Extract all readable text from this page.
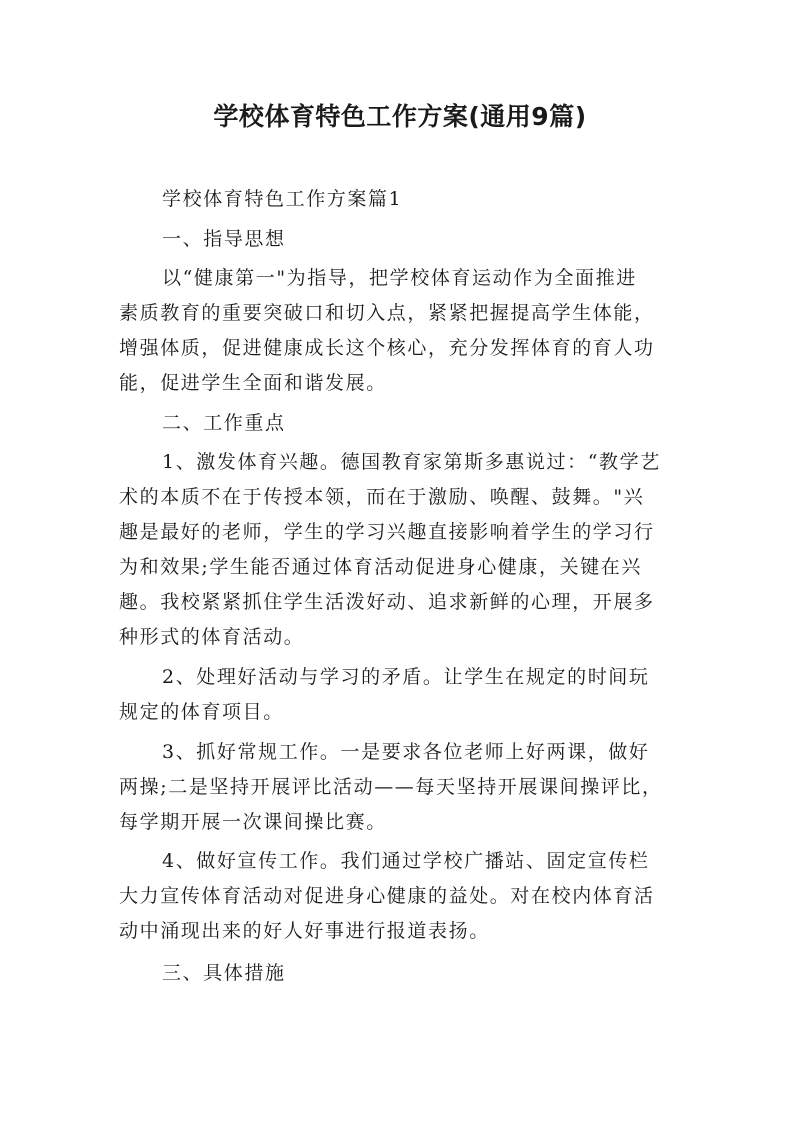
学校体育特色工作方案(通用9篇)
学校体育特色工作方案篇1
一、指导思想
以“健康第一"为指导，把学校体育运动作为全面推进
素质教育的重要突破口和切入点，紧紧把握提高学生体能，
增强体质，促进健康成长这个核心，充分发挥体育的育人功
能，促进学生全面和谐发展。
二、工作重点
1、激发体育兴趣。德国教育家第斯多惠说过：“教学艺
术的本质不在于传授本领，而在于激励、唤醒、鼓舞。"兴
趣是最好的老师，学生的学习兴趣直接影响着学生的学习行
为和效果;学生能否通过体育活动促进身心健康，关键在兴
趣。我校紧紧抓住学生活泼好动、追求新鲜的心理，开展多
种形式的体育活动。
2、处理好活动与学习的矛盾。让学生在规定的时间玩
规定的体育项目。
3、抓好常规工作。一是要求各位老师上好两课，做好
两操;二是坚持开展评比活动——每天坚持开展课间操评比，
每学期开展一次课间操比赛。
4、做好宣传工作。我们通过学校广播站、固定宣传栏
大力宣传体育活动对促进身心健康的益处。对在校内体育活
动中涌现出来的好人好事进行报道表扬。
三、具体措施
